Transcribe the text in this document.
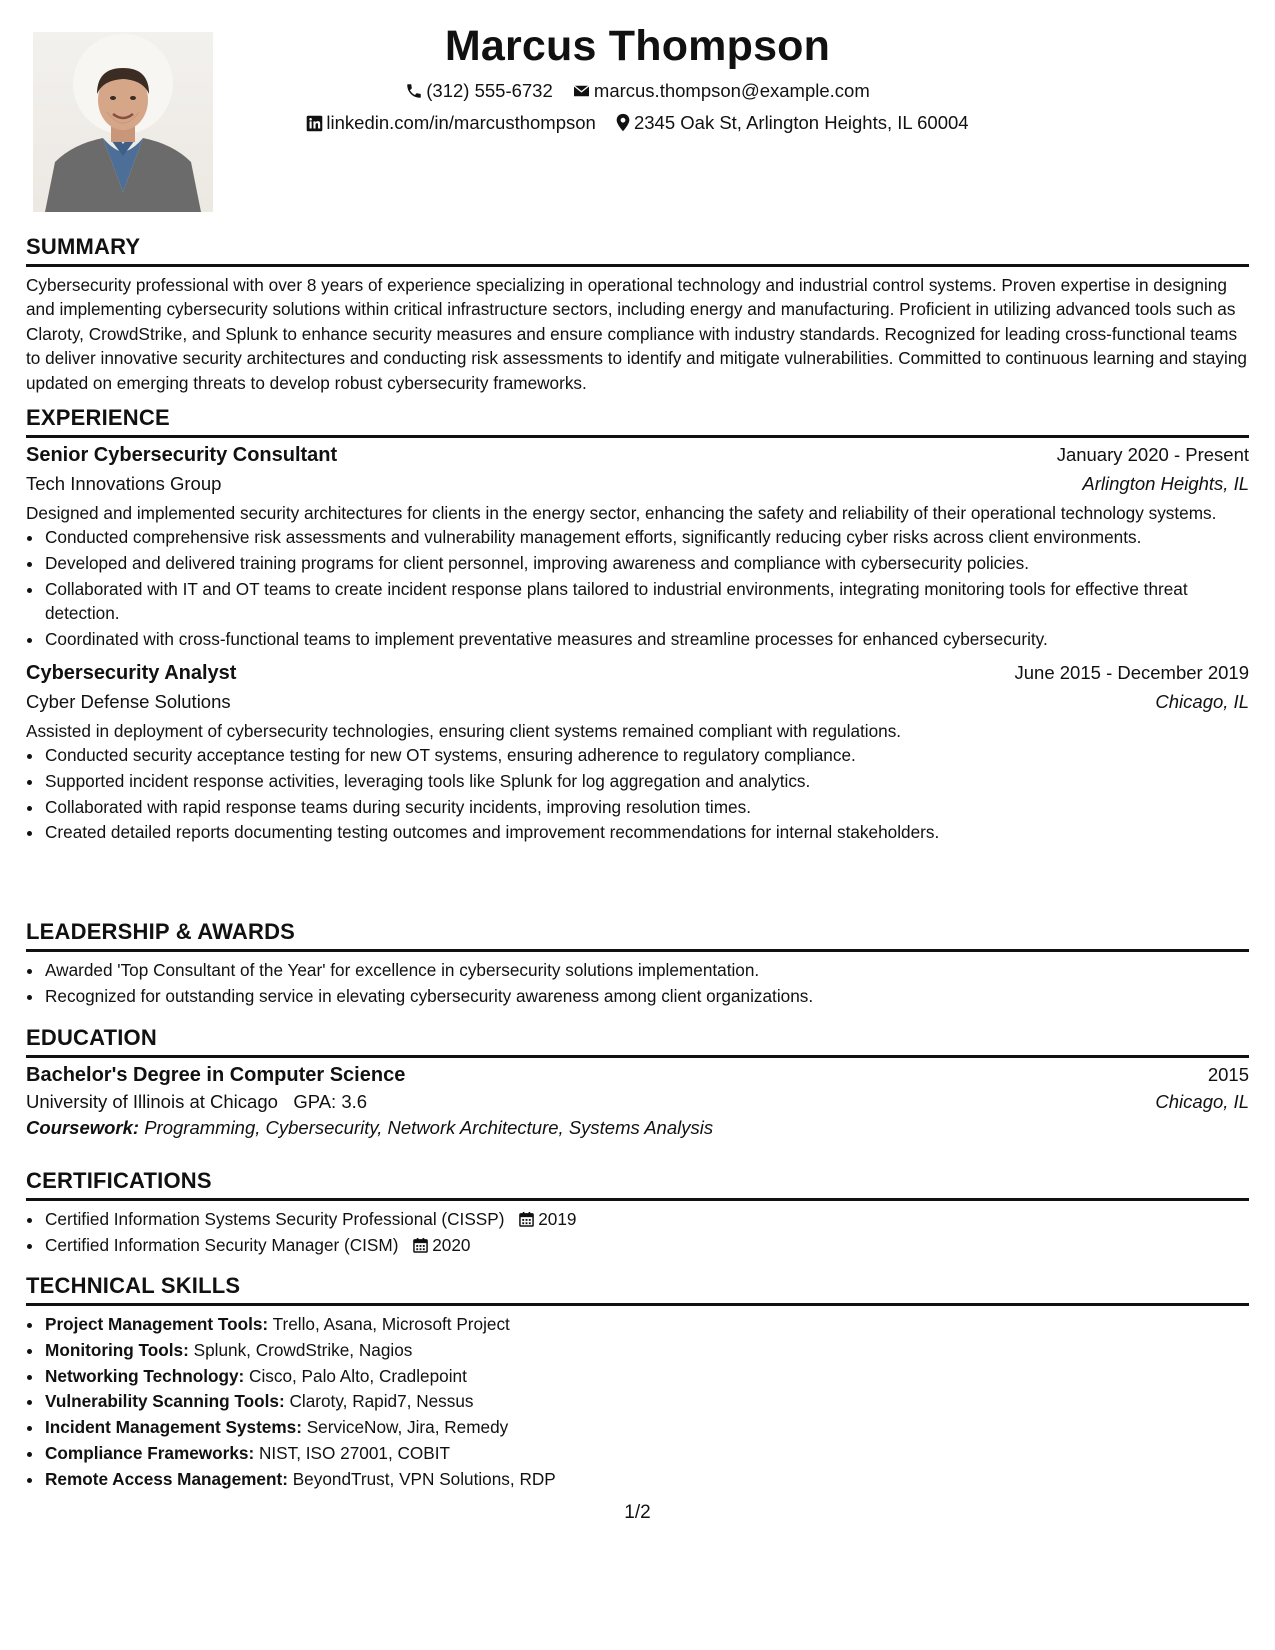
Marcus Thompson
(312) 555-6732 marcus.thompson@example.com
linkedin.com/in/marcusthompson 2345 Oak St, Arlington Heights, IL 60004
SUMMARY
Cybersecurity professional with over 8 years of experience specializing in operational technology and industrial control systems. Proven expertise in designing and implementing cybersecurity solutions within critical infrastructure sectors, including energy and manufacturing. Proficient in utilizing advanced tools such as Claroty, CrowdStrike, and Splunk to enhance security measures and ensure compliance with industry standards. Recognized for leading cross-functional teams to deliver innovative security architectures and conducting risk assessments to identify and mitigate vulnerabilities. Committed to continuous learning and staying updated on emerging threats to develop robust cybersecurity frameworks.
EXPERIENCE
Senior Cybersecurity Consultant	January 2020 - Present
Tech Innovations Group	Arlington Heights, IL
Designed and implemented security architectures for clients in the energy sector, enhancing the safety and reliability of their operational technology systems.
• Conducted comprehensive risk assessments and vulnerability management efforts, significantly reducing cyber risks across client environments.
• Developed and delivered training programs for client personnel, improving awareness and compliance with cybersecurity policies.
• Collaborated with IT and OT teams to create incident response plans tailored to industrial environments, integrating monitoring tools for effective threat detection.
• Coordinated with cross-functional teams to implement preventative measures and streamline processes for enhanced cybersecurity.
Cybersecurity Analyst	June 2015 - December 2019
Cyber Defense Solutions	Chicago, IL
Assisted in deployment of cybersecurity technologies, ensuring client systems remained compliant with regulations.
• Conducted security acceptance testing for new OT systems, ensuring adherence to regulatory compliance.
• Supported incident response activities, leveraging tools like Splunk for log aggregation and analytics.
• Collaborated with rapid response teams during security incidents, improving resolution times.
• Created detailed reports documenting testing outcomes and improvement recommendations for internal stakeholders.
LEADERSHIP & AWARDS
• Awarded 'Top Consultant of the Year' for excellence in cybersecurity solutions implementation.
• Recognized for outstanding service in elevating cybersecurity awareness among client organizations.
EDUCATION
Bachelor's Degree in Computer Science	2015
University of Illinois at Chicago GPA: 3.6	Chicago, IL
Coursework: Programming, Cybersecurity, Network Architecture, Systems Analysis
CERTIFICATIONS
• Certified Information Systems Security Professional (CISSP) 2019
• Certified Information Security Manager (CISM) 2020
TECHNICAL SKILLS
• Project Management Tools: Trello, Asana, Microsoft Project
• Monitoring Tools: Splunk, CrowdStrike, Nagios
• Networking Technology: Cisco, Palo Alto, Cradlepoint
• Vulnerability Scanning Tools: Claroty, Rapid7, Nessus
• Incident Management Systems: ServiceNow, Jira, Remedy
• Compliance Frameworks: NIST, ISO 27001, COBIT
• Remote Access Management: BeyondTrust, VPN Solutions, RDP
1/2
